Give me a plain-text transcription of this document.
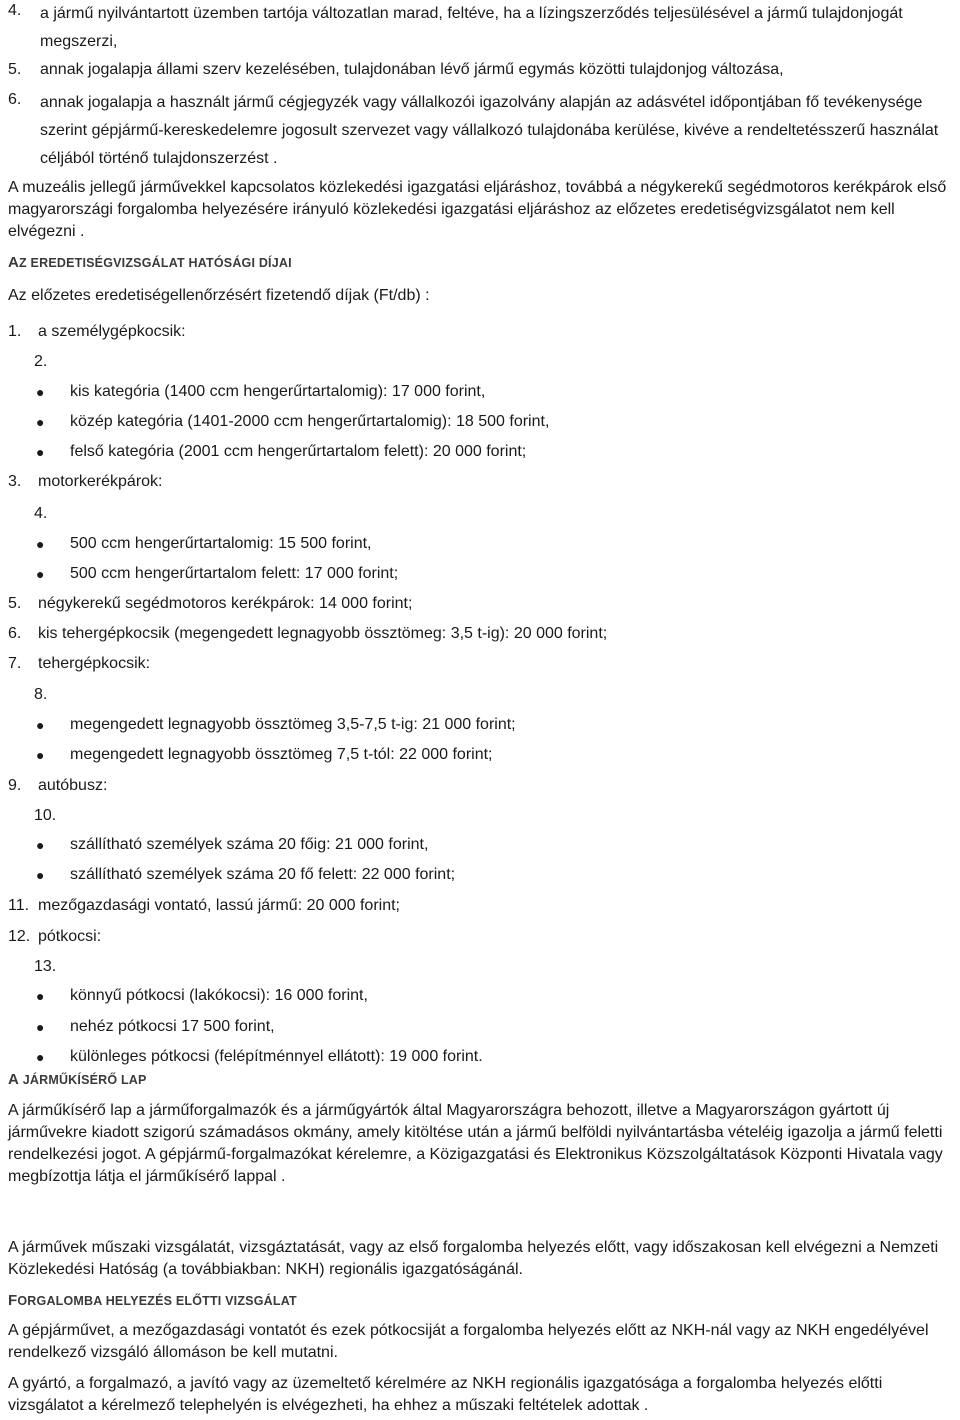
4.	a jármű nyilvántartott üzemben tartója változatlan marad, feltéve, ha a lízingszerződés teljesülésével a jármű tulajdonjogát megszerzi,
5.	annak jogalapja állami szerv kezelésében, tulajdonában lévő jármű egymás közötti tulajdonjog változása,
6.	annak jogalapja a használt jármű cégjegyzék vagy vállalkozói igazolvány alapján az adásvétel időpontjában fő tevékenysége szerint gépjármű-kereskedelemre jogosult szervezet vagy vállalkozó tulajdonába kerülése, kivéve a rendeltetésszerű használat céljából történő tulajdonszerzést .

A muzeális jellegű járművekkel kapcsolatos közlekedési igazgatási eljáráshoz, továbbá a négykerekű segédmotoros kerékpárok első magyarországi forgalomba helyezésére irányuló közlekedési igazgatási eljáráshoz az előzetes eredetiségvizsgálatot nem kell elvégezni .

AZ EREDETISÉGVIZSGÁLAT HATÓSÁGI DÍJAI

Az előzetes eredetiségellenőrzésért fizetendő díjak (Ft/db) :

1.	a személygépkocsik:
2.
●	kis kategória (1400 ccm hengerűrtartalomig): 17 000 forint,
●	közép kategória (1401-2000 ccm hengerűrtartalomig): 18 500 forint,
●	felső kategória (2001 ccm hengerűrtartalom felett): 20 000 forint;
3.	motorkerékpárok:
4.
●	500 ccm hengerűrtartalomig: 15 500 forint,
●	500 ccm hengerűrtartalom felett: 17 000 forint;
5.	négykerekű segédmotoros kerékpárok: 14 000 forint;
6.	kis tehergépkocsik (megengedett legnagyobb össztömeg: 3,5 t-ig): 20 000 forint;
7.	tehergépkocsik:
8.
●	megengedett legnagyobb össztömeg 3,5-7,5 t-ig: 21 000 forint;
●	megengedett legnagyobb össztömeg 7,5 t-tól: 22 000 forint;
9.	autóbusz:
10.
●	szállítható személyek száma 20 főig: 21 000 forint,
●	szállítható személyek száma 20 fő felett: 22 000 forint;
11. mezőgazdasági vontató, lassú jármű: 20 000 forint;
12. pótkocsi:
13.
●	könnyű pótkocsi (lakókocsi): 16 000 forint,
●	nehéz pótkocsi 17 500 forint,
●	különleges pótkocsi (felépítménnyel ellátott): 19 000 forint.
A JÁRMŰKÍSÉRŐ LAP

A járműkísérő lap a járműforgalmazók és a járműgyártók által Magyarországra behozott, illetve a Magyarországon gyártott új járművekre kiadott szigorú számadásos okmány, amely kitöltése után a jármű belföldi nyilvántartásba vételéig igazolja a jármű feletti rendelkezési jogot. A gépjármű-forgalmazókat kérelemre, a Közigazgatási és Elektronikus Közszolgáltatások Központi Hivatala vagy megbízottja látja el járműkísérő lappal .

A járművek műszaki vizsgálatát, vizsgáztatását, vagy az első forgalomba helyezés előtt, vagy időszakosan kell elvégezni a Nemzeti Közlekedési Hatóság (a továbbiakban: NKH) regionális igazgatóságánál.

FORGALOMBA HELYEZÉS ELŐTTI VIZSGÁLAT

A gépjárművet, a mezőgazdasági vontatót és ezek pótkocsiját a forgalomba helyezés előtt az NKH-nál vagy az NKH engedélyével rendelkező vizsgáló állomáson be kell mutatni.

A gyártó, a forgalmazó, a javító vagy az üzemeltető kérelmére az NKH regionális igazgatósága a forgalomba helyezés előtti vizsgálatot a kérelmező telephelyén is elvégezheti, ha ehhez a műszaki feltételek adottak .
